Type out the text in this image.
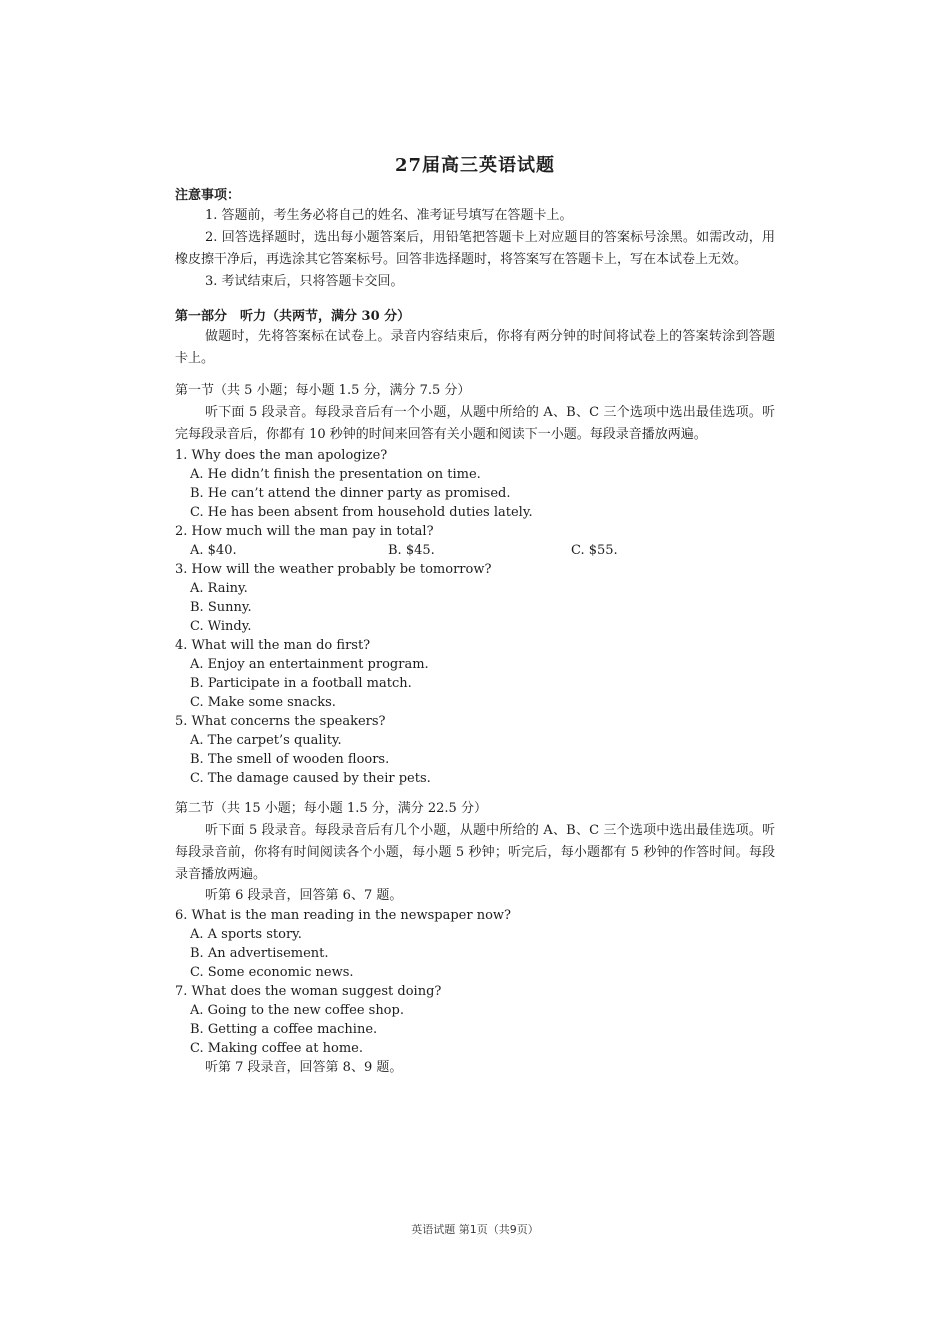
27届高三英语试题
注意事项：

1. 答题前，考生务必将自己的姓名、准考证号填写在答题卡上。

2. 回答选择题时，选出每小题答案后，用铅笔把答题卡上对应题目的答案标号涂黑。如需改动，用橡皮擦干净后，再选涂其它答案标号。回答非选择题时，将答案写在答题卡上，写在本试卷上无效。

3. 考试结束后，只将答题卡交回。

第一部分　听力（共两节，满分 30 分）

做题时，先将答案标在试卷上。录音内容结束后，你将有两分钟的时间将试卷上的答案转涂到答题卡上。

第一节（共 5 小题；每小题 1.5 分，满分 7.5 分）

听下面 5 段录音。每段录音后有一个小题，从题中所给的 A、B、C 三个选项中选出最佳选项。听完每段录音后，你都有 10 秒钟的时间来回答有关小题和阅读下一小题。每段录音播放两遍。

1. Why does the man apologize?

A. He didn’t finish the presentation on time.

B. He can’t attend the dinner party as promised.

C. He has been absent from household duties lately.

2. How much will the man pay in total?

A. $40.	B. $45.	C. $55.

3. How will the weather probably be tomorrow?

A. Rainy.

B. Sunny.

C. Windy.

4. What will the man do first?

A. Enjoy an entertainment program.

B. Participate in a football match.

C. Make some snacks.

5. What concerns the speakers?

A. The carpet’s quality.

B. The smell of wooden floors.

C. The damage caused by their pets.

第二节（共 15 小题；每小题 1.5 分，满分 22.5 分）

听下面 5 段录音。每段录音后有几个小题，从题中所给的 A、B、C 三个选项中选出最佳选项。听每段录音前，你将有时间阅读各个小题，每小题 5 秒钟；听完后，每小题都有 5 秒钟的作答时间。每段录音播放两遍。

听第 6 段录音，回答第 6、7 题。

6. What is the man reading in the newspaper now?

A. A sports story.

B. An advertisement.

C. Some economic news.

7. What does the woman suggest doing?

A. Going to the new coffee shop.

B. Getting a coffee machine.

C. Making coffee at home.

听第 7 段录音，回答第 8、9 题。

英语试题 第1页（共9页）
